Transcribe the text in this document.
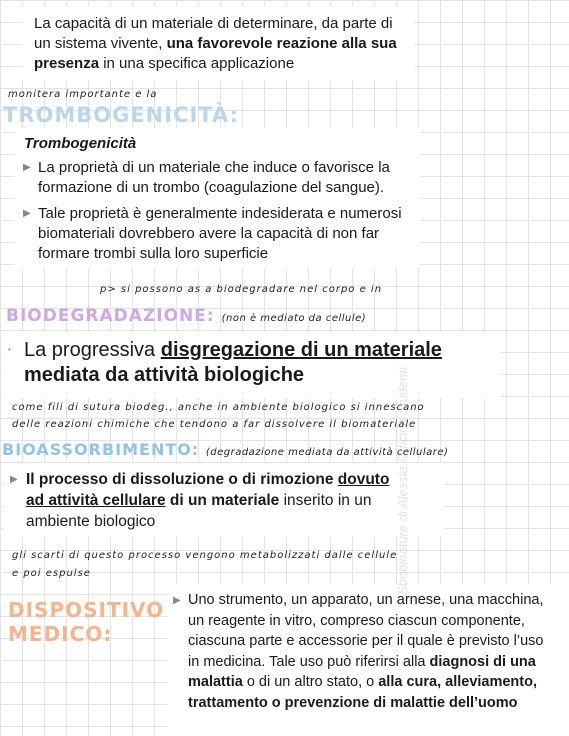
La capacità di un materiale di determinare, da parte di un sistema vivente, una favorevole reazione alla sua presenza in una specifica applicazione

monitera importante e la
TROMBOGENICITÀ:

Trombogenicità

▶ La proprietà di un materiale che induce o favorisce la formazione di un trombo (coagulazione del sangue).

▶ Tale proprietà è generalmente indesiderata e numerosi biomateriali dovrebbero avere la capacità di non far formare trombi sulla loro superficie

p> si possono as a biodegradare nel corpo e in
BIODEGRADAZIONE: (non è mediato da cellule)
• La progressiva disgregazione di un materiale
mediata da attività biologiche

come fili di sutura biodeg., anche in ambiente biologico si innescano
delle reazioni chimiche che tendono a far dissolvere il biomateriale
BIOASSORBIMENTO: (degradazione mediata da attività cellulare)
▶ Il processo di dissoluzione o di rimozione dovuto
ad attività cellulare di un materiale inserito in un ambiente biologico

gli scarti di questo processo vengono metabolizzati dalle cellule
e poi espulse
DISPOSITIVO
MEDICO:
▶ Uno strumento, un apparato, un arnese, una macchina, un reagente in vitro, compreso ciascun componente, ciascuna parte e accessorie per il quale è previsto l’uso in medicina. Tale uso può riferirsi alla diagnosi di una malattia o di un altro stato, o alla cura, alleviamento, trattamento o prevenzione di malattie dell’uomo

Sbobinature di Alessia Officina Studenti
